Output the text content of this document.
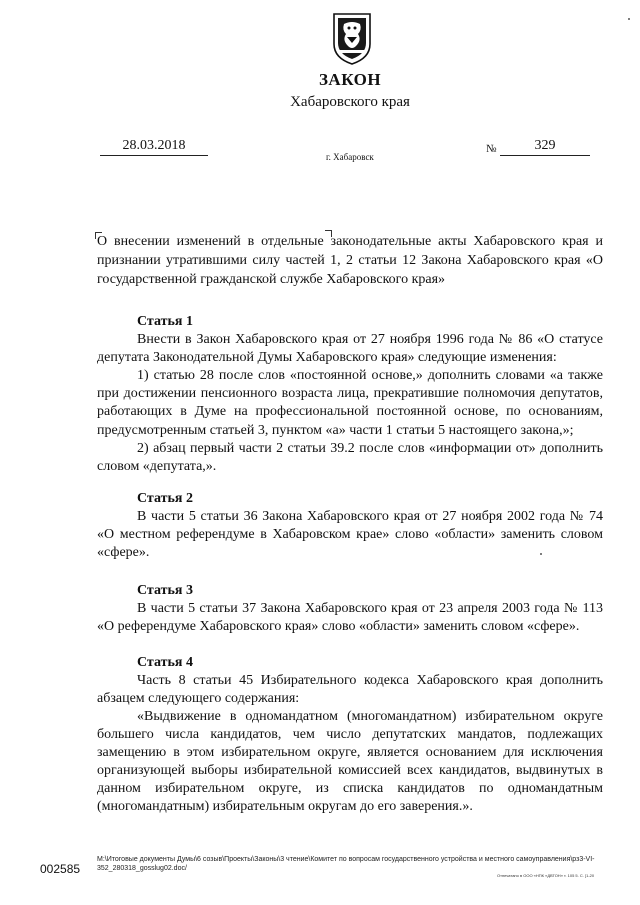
ЗАКОН
Хабаровского края
28.03.2018
г. Хабаровск
№	329
О внесении изменений в отдельные законодательные акты Хабаровского края и признании утратившими силу частей 1, 2 статьи 12 Закона Хабаровского края «О государственной гражданской службе Хабаровского края»
Статья 1

Внести в Закон Хабаровского края от 27 ноября 1996 года № 86 «О статусе депутата Законодательной Думы Хабаровского края» следующие изменения:

1) статью 28 после слов «постоянной основе,» дополнить словами «а также при достижении пенсионного возраста лица, прекратившие полномочия депутатов, работающих в Думе на профессиональной постоянной основе, по основаниям, предусмотренным статьей 3, пунктом «а» части 1 статьи 5 настоящего закона,»;

2) абзац первый части 2 статьи 39.2 после слов «информации от» дополнить словом «депутата,».

Статья 2

В части 5 статьи 36 Закона Хабаровского края от 27 ноября 2002 года № 74 «О местном референдуме в Хабаровском крае» слово «области» заменить словом «сфере».

Статья 3

В части 5 статьи 37 Закона Хабаровского края от 23 апреля 2003 года № 113 «О референдуме Хабаровского края» слово «области» заменить словом «сфере».

Статья 4

Часть 8 статьи 45 Избирательного кодекса Хабаровского края дополнить абзацем следующего содержания:

«Выдвижение в одномандатном (многомандатном) избирательном округе большего числа кандидатов, чем число депутатских мандатов, подлежащих замещению в этом избирательном округе, является основанием для исключения организующей выборы избирательной комиссией всех кандидатов, выдвинутых в данном избирательном округе, из списка кандидатов по одномандатным (многомандатным) избирательным округам до его заверения.».

002585
М:\Итоговые документы Думы\6 созыв\Проекты\Законы\3 чтение\Комитет по вопросам государственного устройства и местного самоуправления\рз3-VI-352_280318_gosslug02.doc/
Отпечатано в ООО «НПК «ДВТОН» т. 105 5. С. [1-20
